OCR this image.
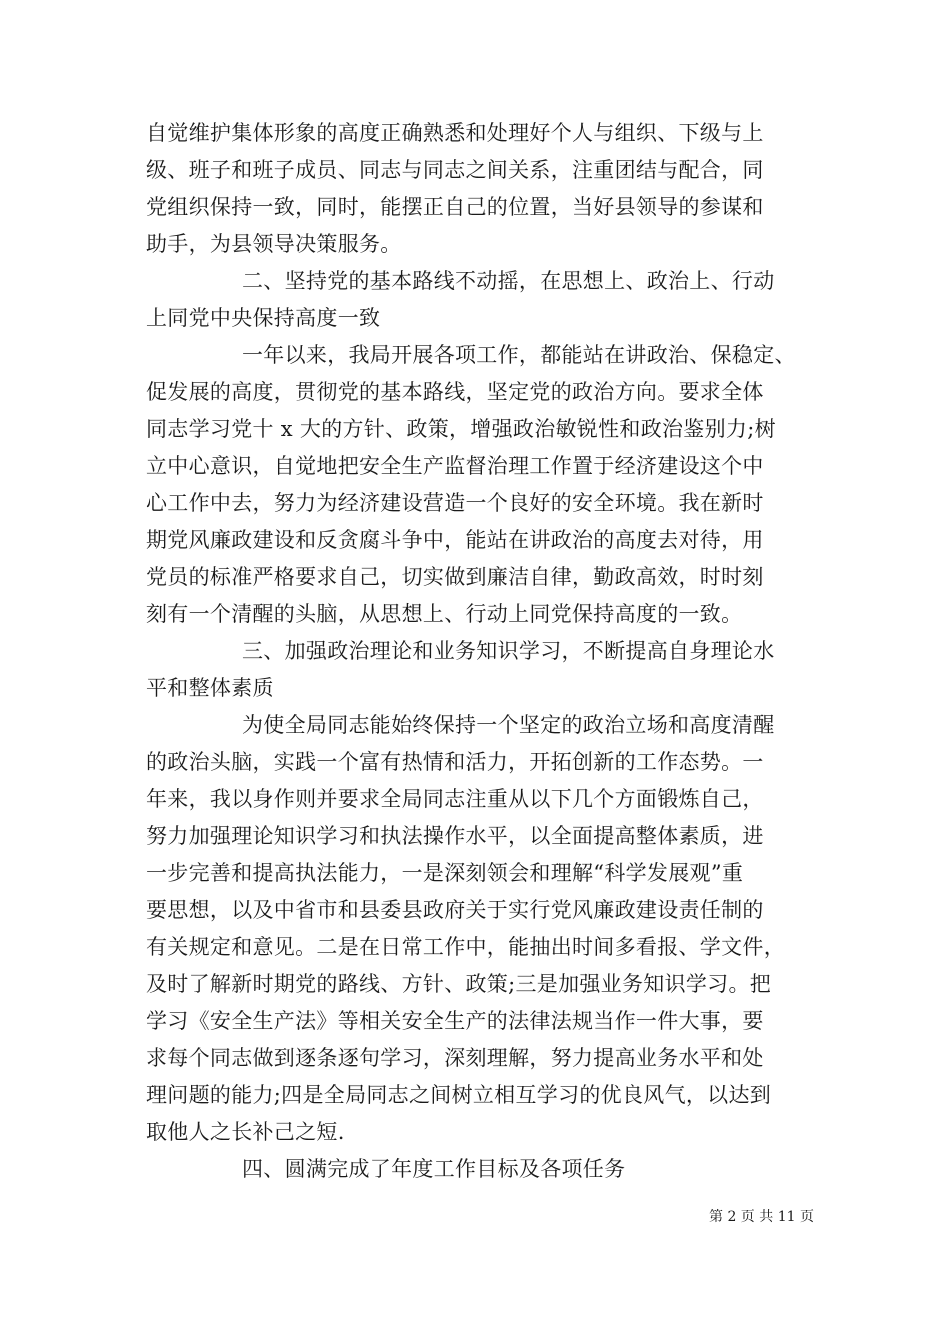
自觉维护集体形象的高度正确熟悉和处理好个人与组织、下级与上
级、班子和班子成员、同志与同志之间关系，注重团结与配合，同
党组织保持一致，同时，能摆正自己的位置，当好县领导的参谋和
助手，为县领导决策服务。
二、坚持党的基本路线不动摇，在思想上、政治上、行动
上同党中央保持高度一致
一年以来，我局开展各项工作，都能站在讲政治、保稳定、
促发展的高度，贯彻党的基本路线，坚定党的政治方向。要求全体
同志学习党十 x 大的方针、政策，增强政治敏锐性和政治鉴别力;树
立中心意识，自觉地把安全生产监督治理工作置于经济建设这个中
心工作中去，努力为经济建设营造一个良好的安全环境。我在新时
期党风廉政建设和反贪腐斗争中，能站在讲政治的高度去对待，用
党员的标准严格要求自己，切实做到廉洁自律，勤政高效，时时刻
刻有一个清醒的头脑，从思想上、行动上同党保持高度的一致。
三、加强政治理论和业务知识学习，不断提高自身理论水
平和整体素质
为使全局同志能始终保持一个坚定的政治立场和高度清醒
的政治头脑，实践一个富有热情和活力，开拓创新的工作态势。一
年来，我以身作则并要求全局同志注重从以下几个方面锻炼自己，
努力加强理论知识学习和执法操作水平，以全面提高整体素质，进
一步完善和提高执法能力，一是深刻领会和理解“科学发展观”重
要思想，以及中省市和县委县政府关于实行党风廉政建设责任制的
有关规定和意见。二是在日常工作中，能抽出时间多看报、学文件，
及时了解新时期党的路线、方针、政策;三是加强业务知识学习。把
学习《安全生产法》等相关安全生产的法律法规当作一件大事，要
求每个同志做到逐条逐句学习，深刻理解，努力提高业务水平和处
理问题的能力;四是全局同志之间树立相互学习的优良风气，以达到
取他人之长补己之短.
四、圆满完成了年度工作目标及各项任务
第 2 页 共 11 页
